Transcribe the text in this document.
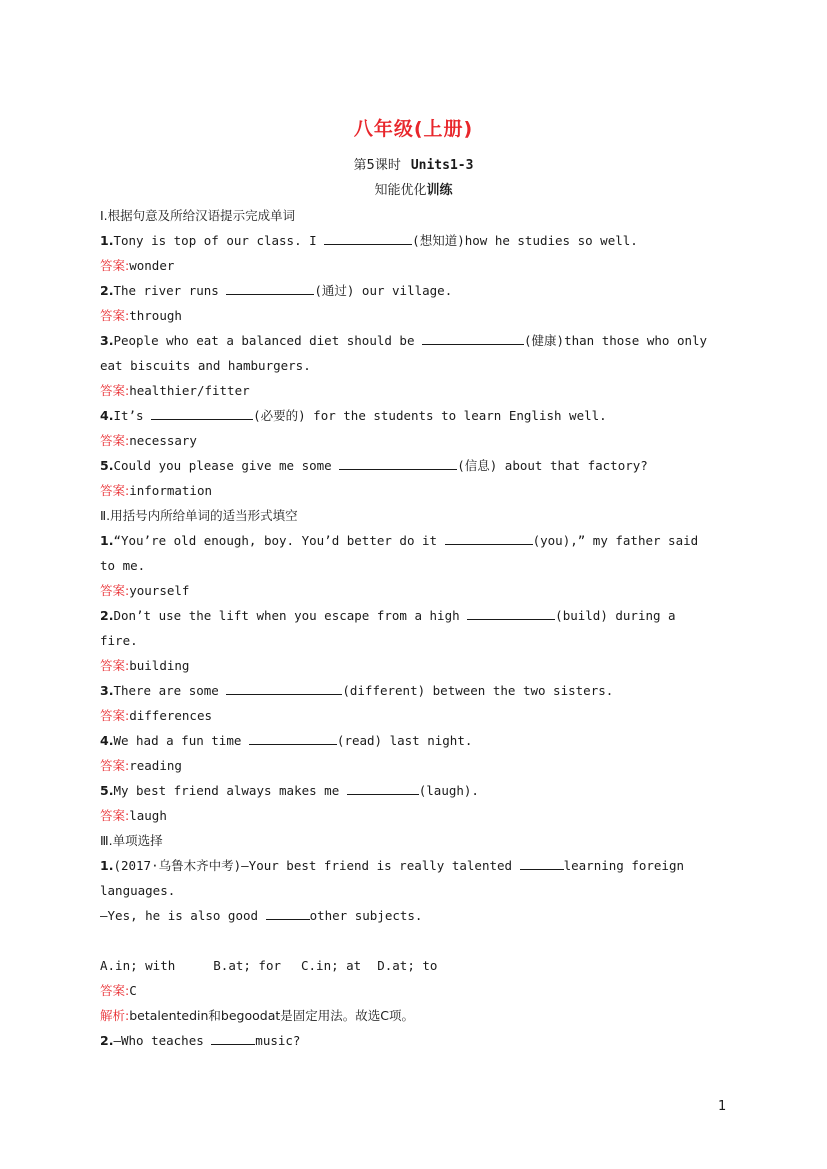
八年级(上册)
第5课时 Units1-3
知能优化训练
Ⅰ.根据句意及所给汉语提示完成单词
1.Tony is top of our class. I	(想知道)how he studies so well.
答案:wonder
2.The river runs	(通过) our village.
答案:through
3.People who eat a balanced diet should be	(健康)than those who only
eat biscuits and hamburgers.
答案:healthier/fitter
4.It’s	(必要的) for the students to learn English well.
答案:necessary
5.Could you please give me some	(信息) about that factory?
答案:information
Ⅱ.用括号内所给单词的适当形式填空
1.“You’re old enough, boy. You’d better do it	(you),” my father said
to me.
答案:yourself
2.Don’t use the lift when you escape from a high	(build) during a
fire.
答案:building
3.There are some	(different) between the two sisters.
答案:differences
4.We had a fun time	(read) last night.
答案:reading
5.My best friend always makes me	(laugh).
答案:laugh
Ⅲ.单项选择
1.(2017·乌鲁木齐中考)—Your best friend is really talented	learning foreign
languages.
—Yes, he is also good	other subjects.
A.in; with	B.at; for C.in; at D.at; to
答案:C
解析:betalentedin和begoodat是固定用法。故选C项。
2.—Who teaches	music?
1
